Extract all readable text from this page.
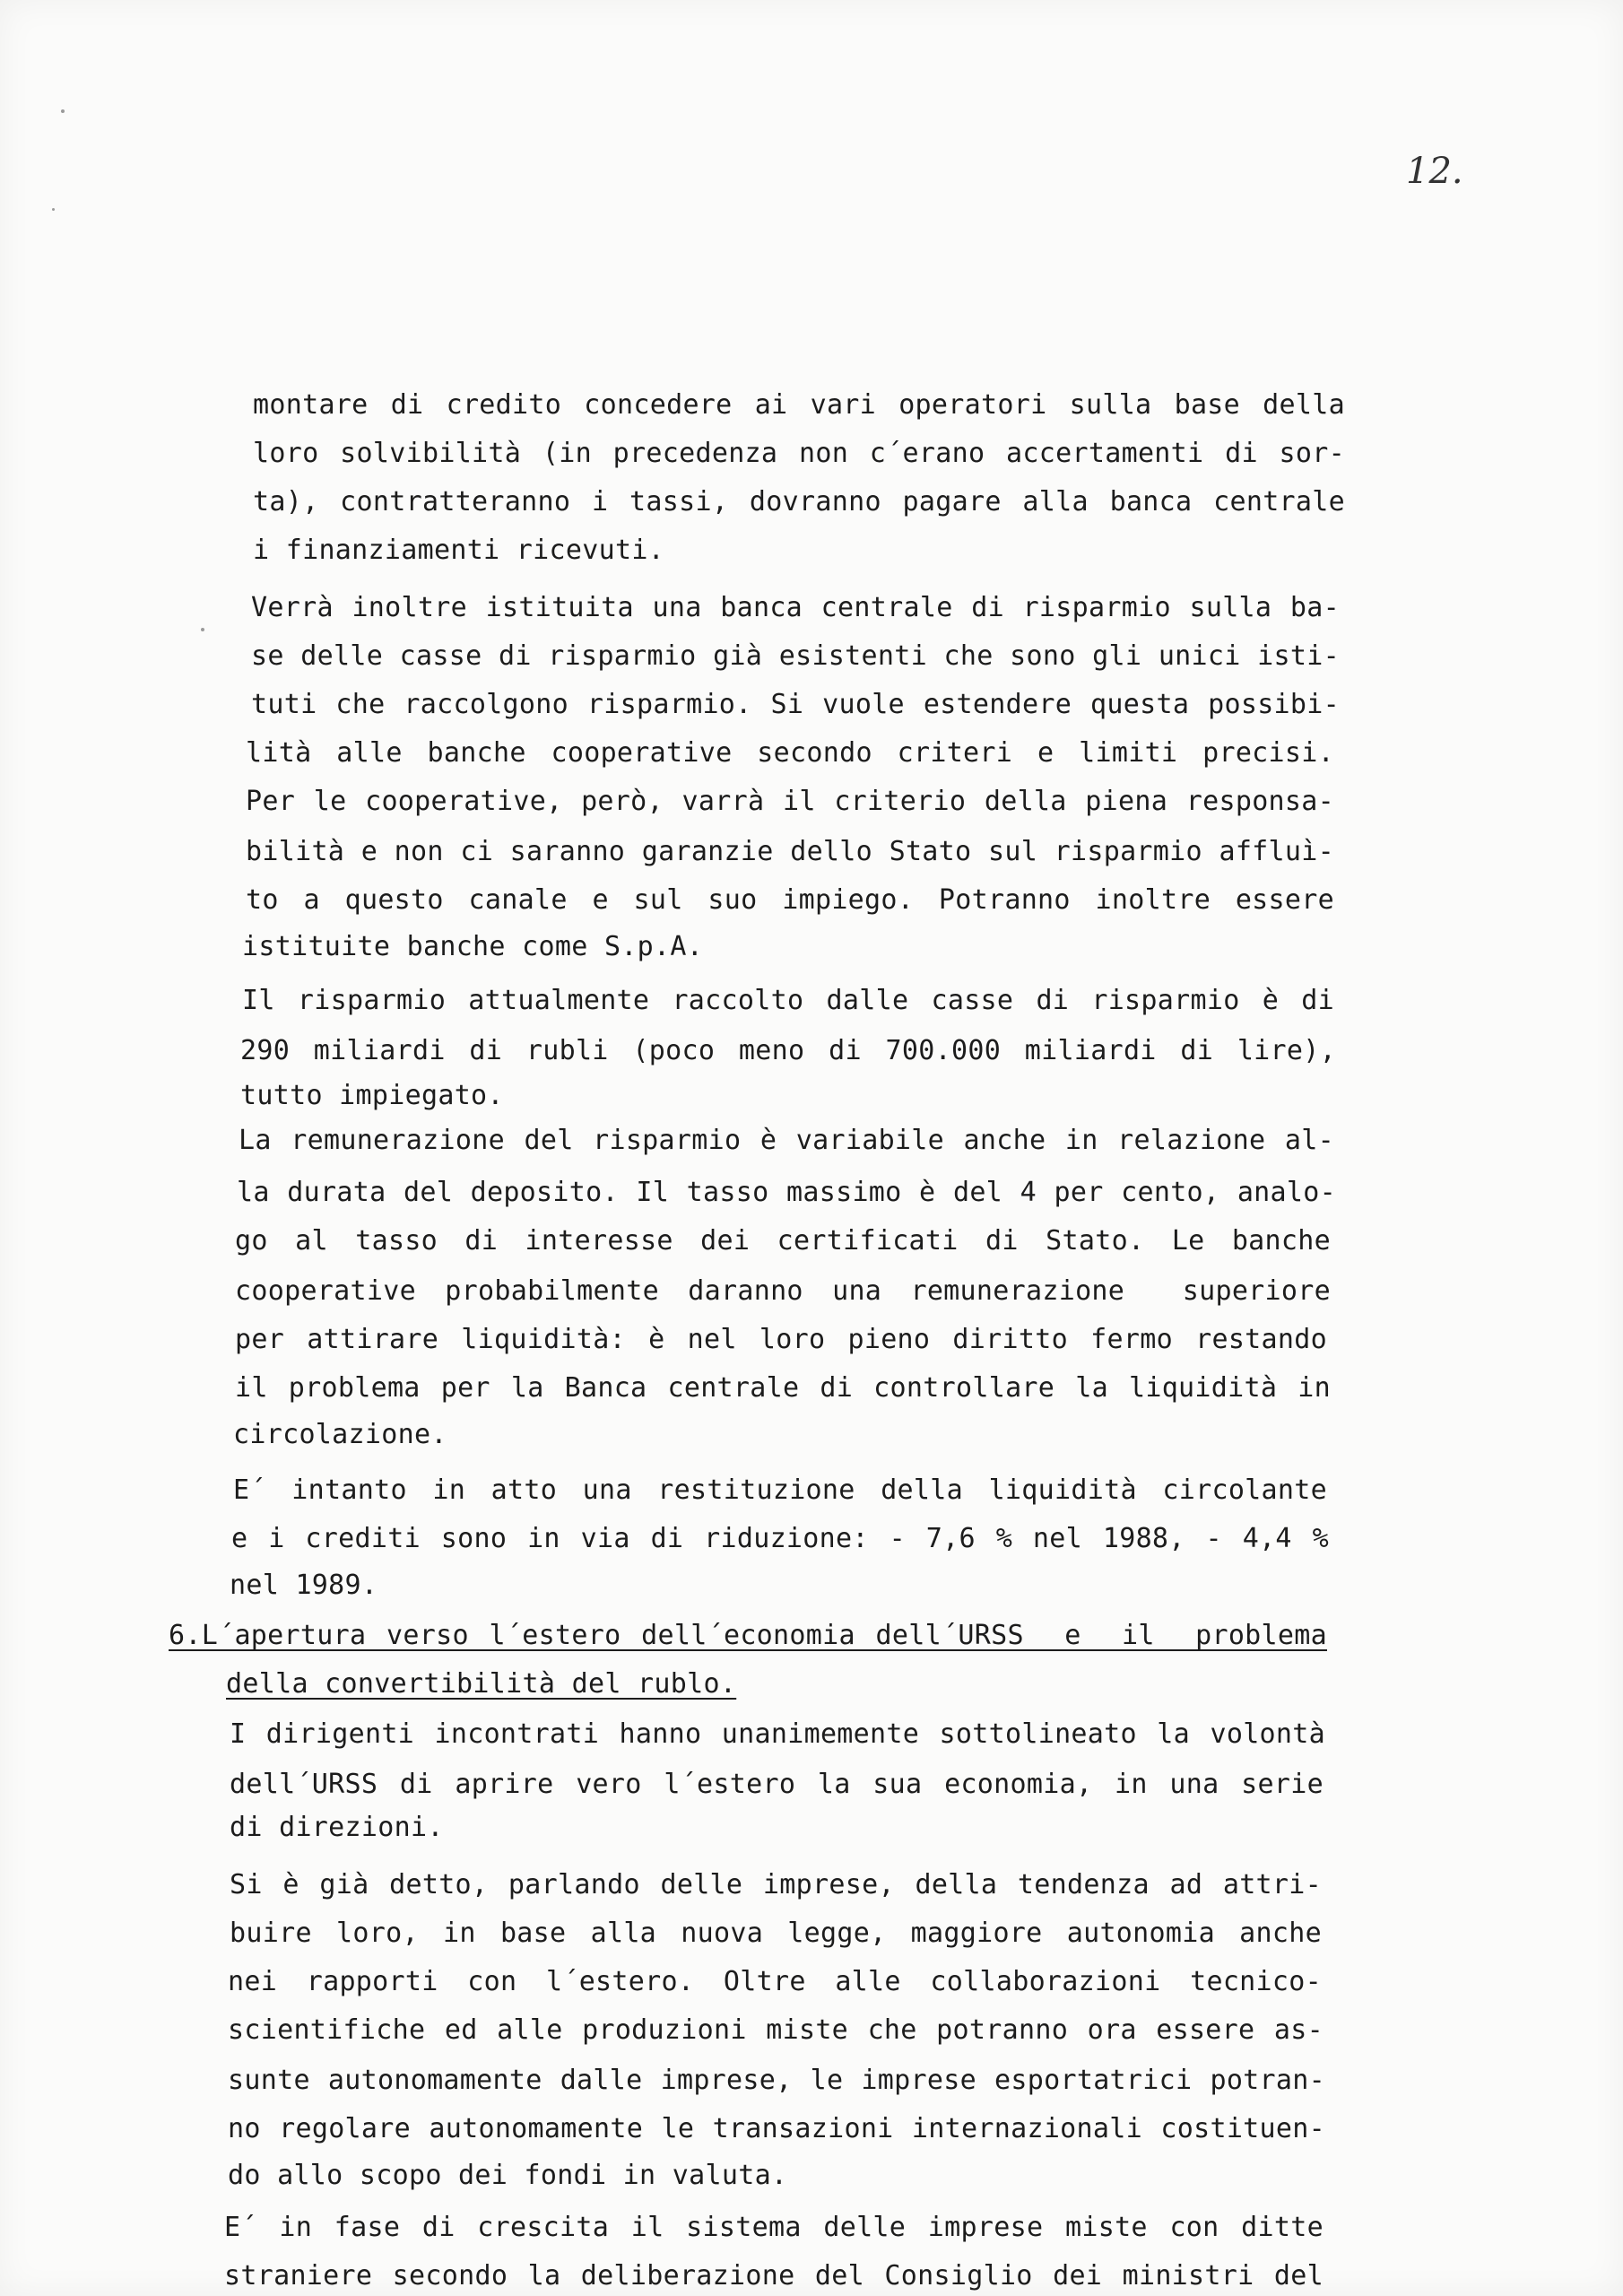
12.

montare di credito concedere ai vari operatori sulla base della

loro solvibilità (in precedenza non c´erano accertamenti di sor-

ta), contratteranno i tassi, dovranno pagare alla banca centrale

i finanziamenti ricevuti.

Verrà inoltre istituita una banca centrale di risparmio sulla ba-

se delle casse di risparmio già esistenti che sono gli unici isti-

tuti che raccolgono risparmio. Si vuole estendere questa possibi-

lità alle banche cooperative secondo criteri e limiti precisi.

Per le cooperative, però, varrà il criterio della piena responsa-

bilità e non ci saranno garanzie dello Stato sul risparmio affluì-

to a questo canale e sul suo impiego. Potranno inoltre essere

istituite banche come S.p.A.

Il risparmio attualmente raccolto dalle casse di risparmio è di

290 miliardi di rubli (poco meno di 700.000 miliardi di lire),

tutto impiegato.

La remunerazione del risparmio è variabile anche in relazione al-

la durata del deposito. Il tasso massimo è del 4 per cento, analo-

go al tasso di interesse dei certificati di Stato. Le banche

cooperative probabilmente daranno una remunerazione  superiore

per attirare liquidità: è nel loro pieno diritto fermo restando

il problema per la Banca centrale di controllare la liquidità in

circolazione.

E´ intanto in atto una restituzione della liquidità circolante

e i crediti sono in via di riduzione: - 7,6 % nel 1988, - 4,4 %

nel 1989.

6.L´apertura verso l´estero dell´economia dell´URSS  e  il  problema

della convertibilità del rublo.

I dirigenti incontrati hanno unanimemente sottolineato la volontà

dell´URSS di aprire vero l´estero la sua economia, in una serie

di direzioni.

Si è già detto, parlando delle imprese, della tendenza ad attri-

buire loro, in base alla nuova legge, maggiore autonomia anche

nei rapporti con l´estero. Oltre alle collaborazioni tecnico-

scientifiche ed alle produzioni miste che potranno ora essere as-

sunte autonomamente dalle imprese, le imprese esportatrici potran-

no regolare autonomamente le transazioni internazionali costituen-

do allo scopo dei fondi in valuta.

E´ in fase di crescita il sistema delle imprese miste con ditte

straniere secondo la deliberazione del Consiglio dei ministri del
